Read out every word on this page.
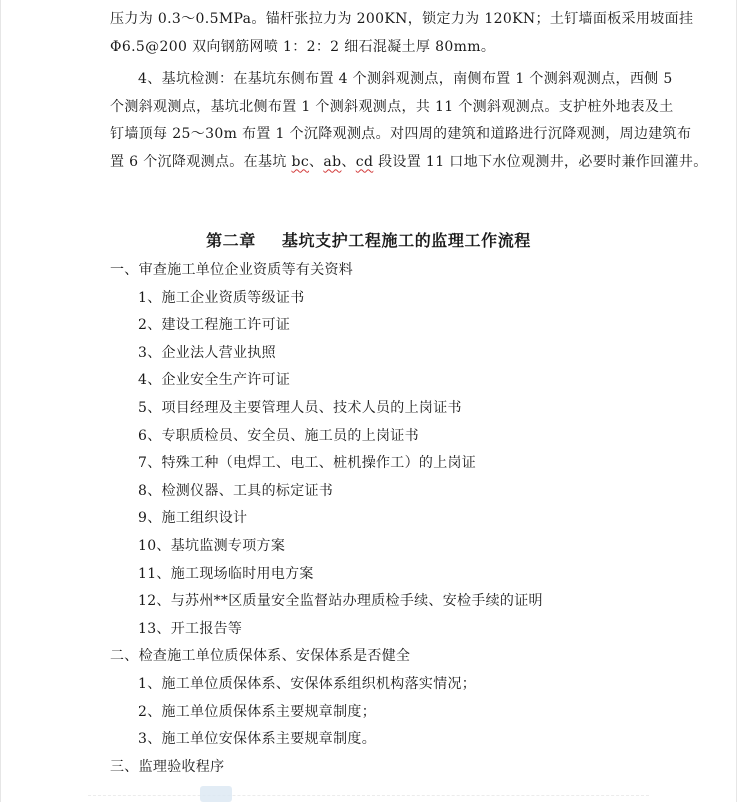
压力为 0.3～0.5MPa。锚杆张拉力为 200KN，锁定力为 120KN；土钉墙面板采用坡面挂
Φ6.5@200 双向钢筋网喷 1：2：2 细石混凝土厚 80mm。
4、基坑检测：在基坑东侧布置 4 个测斜观测点，南侧布置 1 个测斜观测点，西侧 5
个测斜观测点，基坑北侧布置 1 个测斜观测点，共 11 个测斜观测点。支护桩外地表及土
钉墙顶每 25～30m 布置 1 个沉降观测点。对四周的建筑和道路进行沉降观测，周边建筑布
置 6 个沉降观测点。在基坑 bc、ab、cd 段设置 11 口地下水位观测井，必要时兼作回灌井。
第二章 基坑支护工程施工的监理工作流程
一、审查施工单位企业资质等有关资料
1、施工企业资质等级证书
2、建设工程施工许可证
3、企业法人营业执照
4、企业安全生产许可证
5、项目经理及主要管理人员、技术人员的上岗证书
6、专职质检员、安全员、施工员的上岗证书
7、特殊工种（电焊工、电工、桩机操作工）的上岗证
8、检测仪器、工具的标定证书
9、施工组织设计
10、基坑监测专项方案
11、施工现场临时用电方案
12、与苏州**区质量安全监督站办理质检手续、安检手续的证明
13、开工报告等
二、检查施工单位质保体系、安保体系是否健全
1、施工单位质保体系、安保体系组织机构落实情况；
2、施工单位质保体系主要规章制度；
3、施工单位安保体系主要规章制度。
三、监理验收程序
